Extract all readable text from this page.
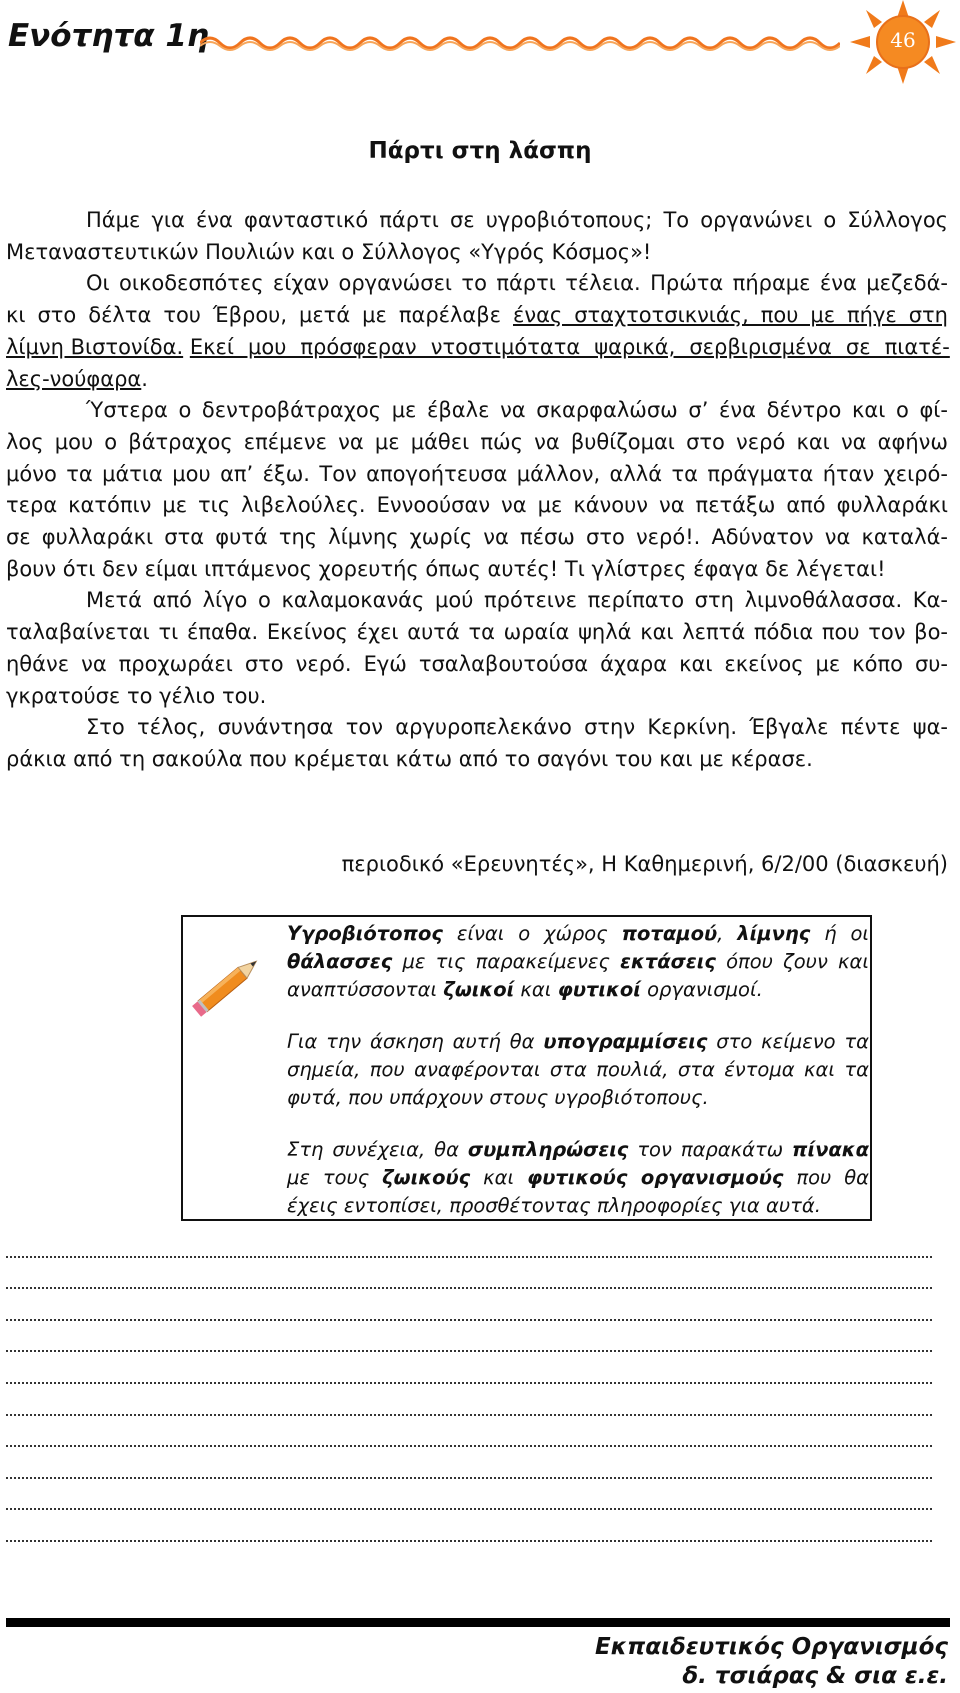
Ενότητα 1η	46
Πάρτι στη λάσπη
Πάμε για ένα φανταστικό πάρτι σε υγροβιότοπους; Το οργανώνει ο Σύλλογος
Μεταναστευτικών Πουλιών και ο Σύλλογος «Υγρός Κόσμος»!
Οι οικοδεσπότες είχαν οργανώσει το πάρτι τέλεια. Πρώτα πήραμε ένα μεζεδά-
κι στο δέλτα του Έβρου, μετά με παρέλαβε ένας σταχτοτσικνιάς, που με πήγε στη
λίμνη Βιστονίδα. Εκεί μου πρόσφεραν ντοστιμότατα ψαρικά, σερβιρισμένα σε πιατέ-
λες-νούφαρα.
Ύστερα ο δεντροβάτραχος με έβαλε να σκαρφαλώσω σ’ ένα δέντρο και ο φί-
λος μου ο βάτραχος επέμενε να με μάθει πώς να βυθίζομαι στο νερό και να αφήνω
μόνο τα μάτια μου απ’ έξω. Τον απογοήτευσα μάλλον, αλλά τα πράγματα ήταν χειρό-
τερα κατόπιν με τις λιβελούλες. Εννοούσαν να με κάνουν να πετάξω από φυλλαράκι
σε φυλλαράκι στα φυτά της λίμνης χωρίς να πέσω στο νερό!. Αδύνατον να καταλά-
βουν ότι δεν είμαι ιπτάμενος χορευτής όπως αυτές! Τι γλίστρες έφαγα δε λέγεται!
Μετά από λίγο ο καλαμοκανάς μού πρότεινε περίπατο στη λιμνοθάλασσα. Κα-
ταλαβαίνεται τι έπαθα. Εκείνος έχει αυτά τα ωραία ψηλά και λεπτά πόδια που τον βο-
ηθάνε να προχωράει στο νερό. Εγώ τσαλαβουτούσα άχαρα και εκείνος με κόπο συ-
γκρατούσε το γέλιο του.
Στο τέλος, συνάντησα τον αργυροπελεκάνο στην Κερκίνη. Έβγαλε πέντε ψα-
ράκια από τη σακούλα που κρέμεται κάτω από το σαγόνι του και με κέρασε.
περιοδικό «Ερευνητές», Η Καθημερινή, 6/2/00 (διασκευή)

Υγροβιότοπος είναι ο χώρος ποταμού, λίμνης ή οι
θάλασσες με τις παρακείμενες εκτάσεις όπου ζουν και
αναπτύσσονται ζωικοί και φυτικοί οργανισμοί.

Για την άσκηση αυτή θα υπογραμμίσεις στο κείμενο τα
σημεία, που αναφέρονται στα πουλιά, στα έντομα και τα
φυτά, που υπάρχουν στους υγροβιότοπους.

Στη συνέχεια, θα συμπληρώσεις τον παρακάτω πίνακα
με τους ζωικούς και φυτικούς οργανισμούς που θα
έχεις εντοπίσει, προσθέτοντας πληροφορίες για αυτά.

Εκπαιδευτικός Οργανισμός
δ. τσιάρας & σια ε.ε.
